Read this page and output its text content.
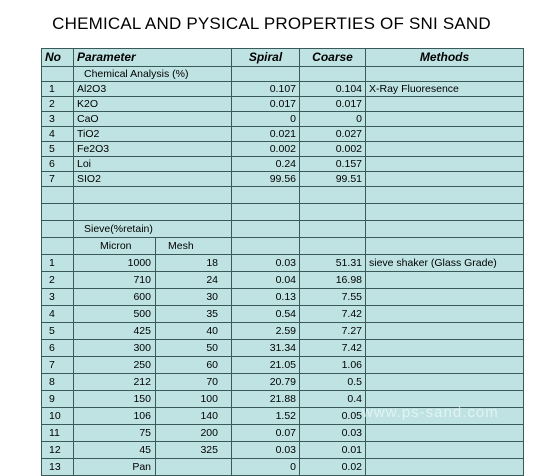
CHEMICAL AND PYSICAL PROPERTIES OF SNI SAND
No	Parameter	Spiral	Coarse	Methods
	Chemical Analysis (%)			
1	Al2O3	0.107	0.104	X-Ray Fluoresence
2	K2O	0.017	0.017	
3	CaO	0	0	
4	TiO2	0.021	0.027	
5	Fe2O3	0.002	0.002	
6	Loi	0.24	0.157	
7	SIO2	99.56	99.51	

	Sieve(%retain)			

	Micron Mesh			

1	1000 18	0.03	51.31	sieve shaker (Glass Grade)
2	710 24	0.04	16.98	
3	600 30	0.13	7.55	
4	500 35	0.54	7.42	
5	425 40	2.59	7.27	
6	300 50	31.34	7.42	
7	250 60	21.05	1.06	
8	212 70	20.79	0.5	
9	150 100	21.88	0.4	
10	106 140	1.52	0.05	
11	75 200	0.07	0.03	
12	45 325	0.03	0.01	
13	Pan	0	0.02	
www.ps-sand.com
